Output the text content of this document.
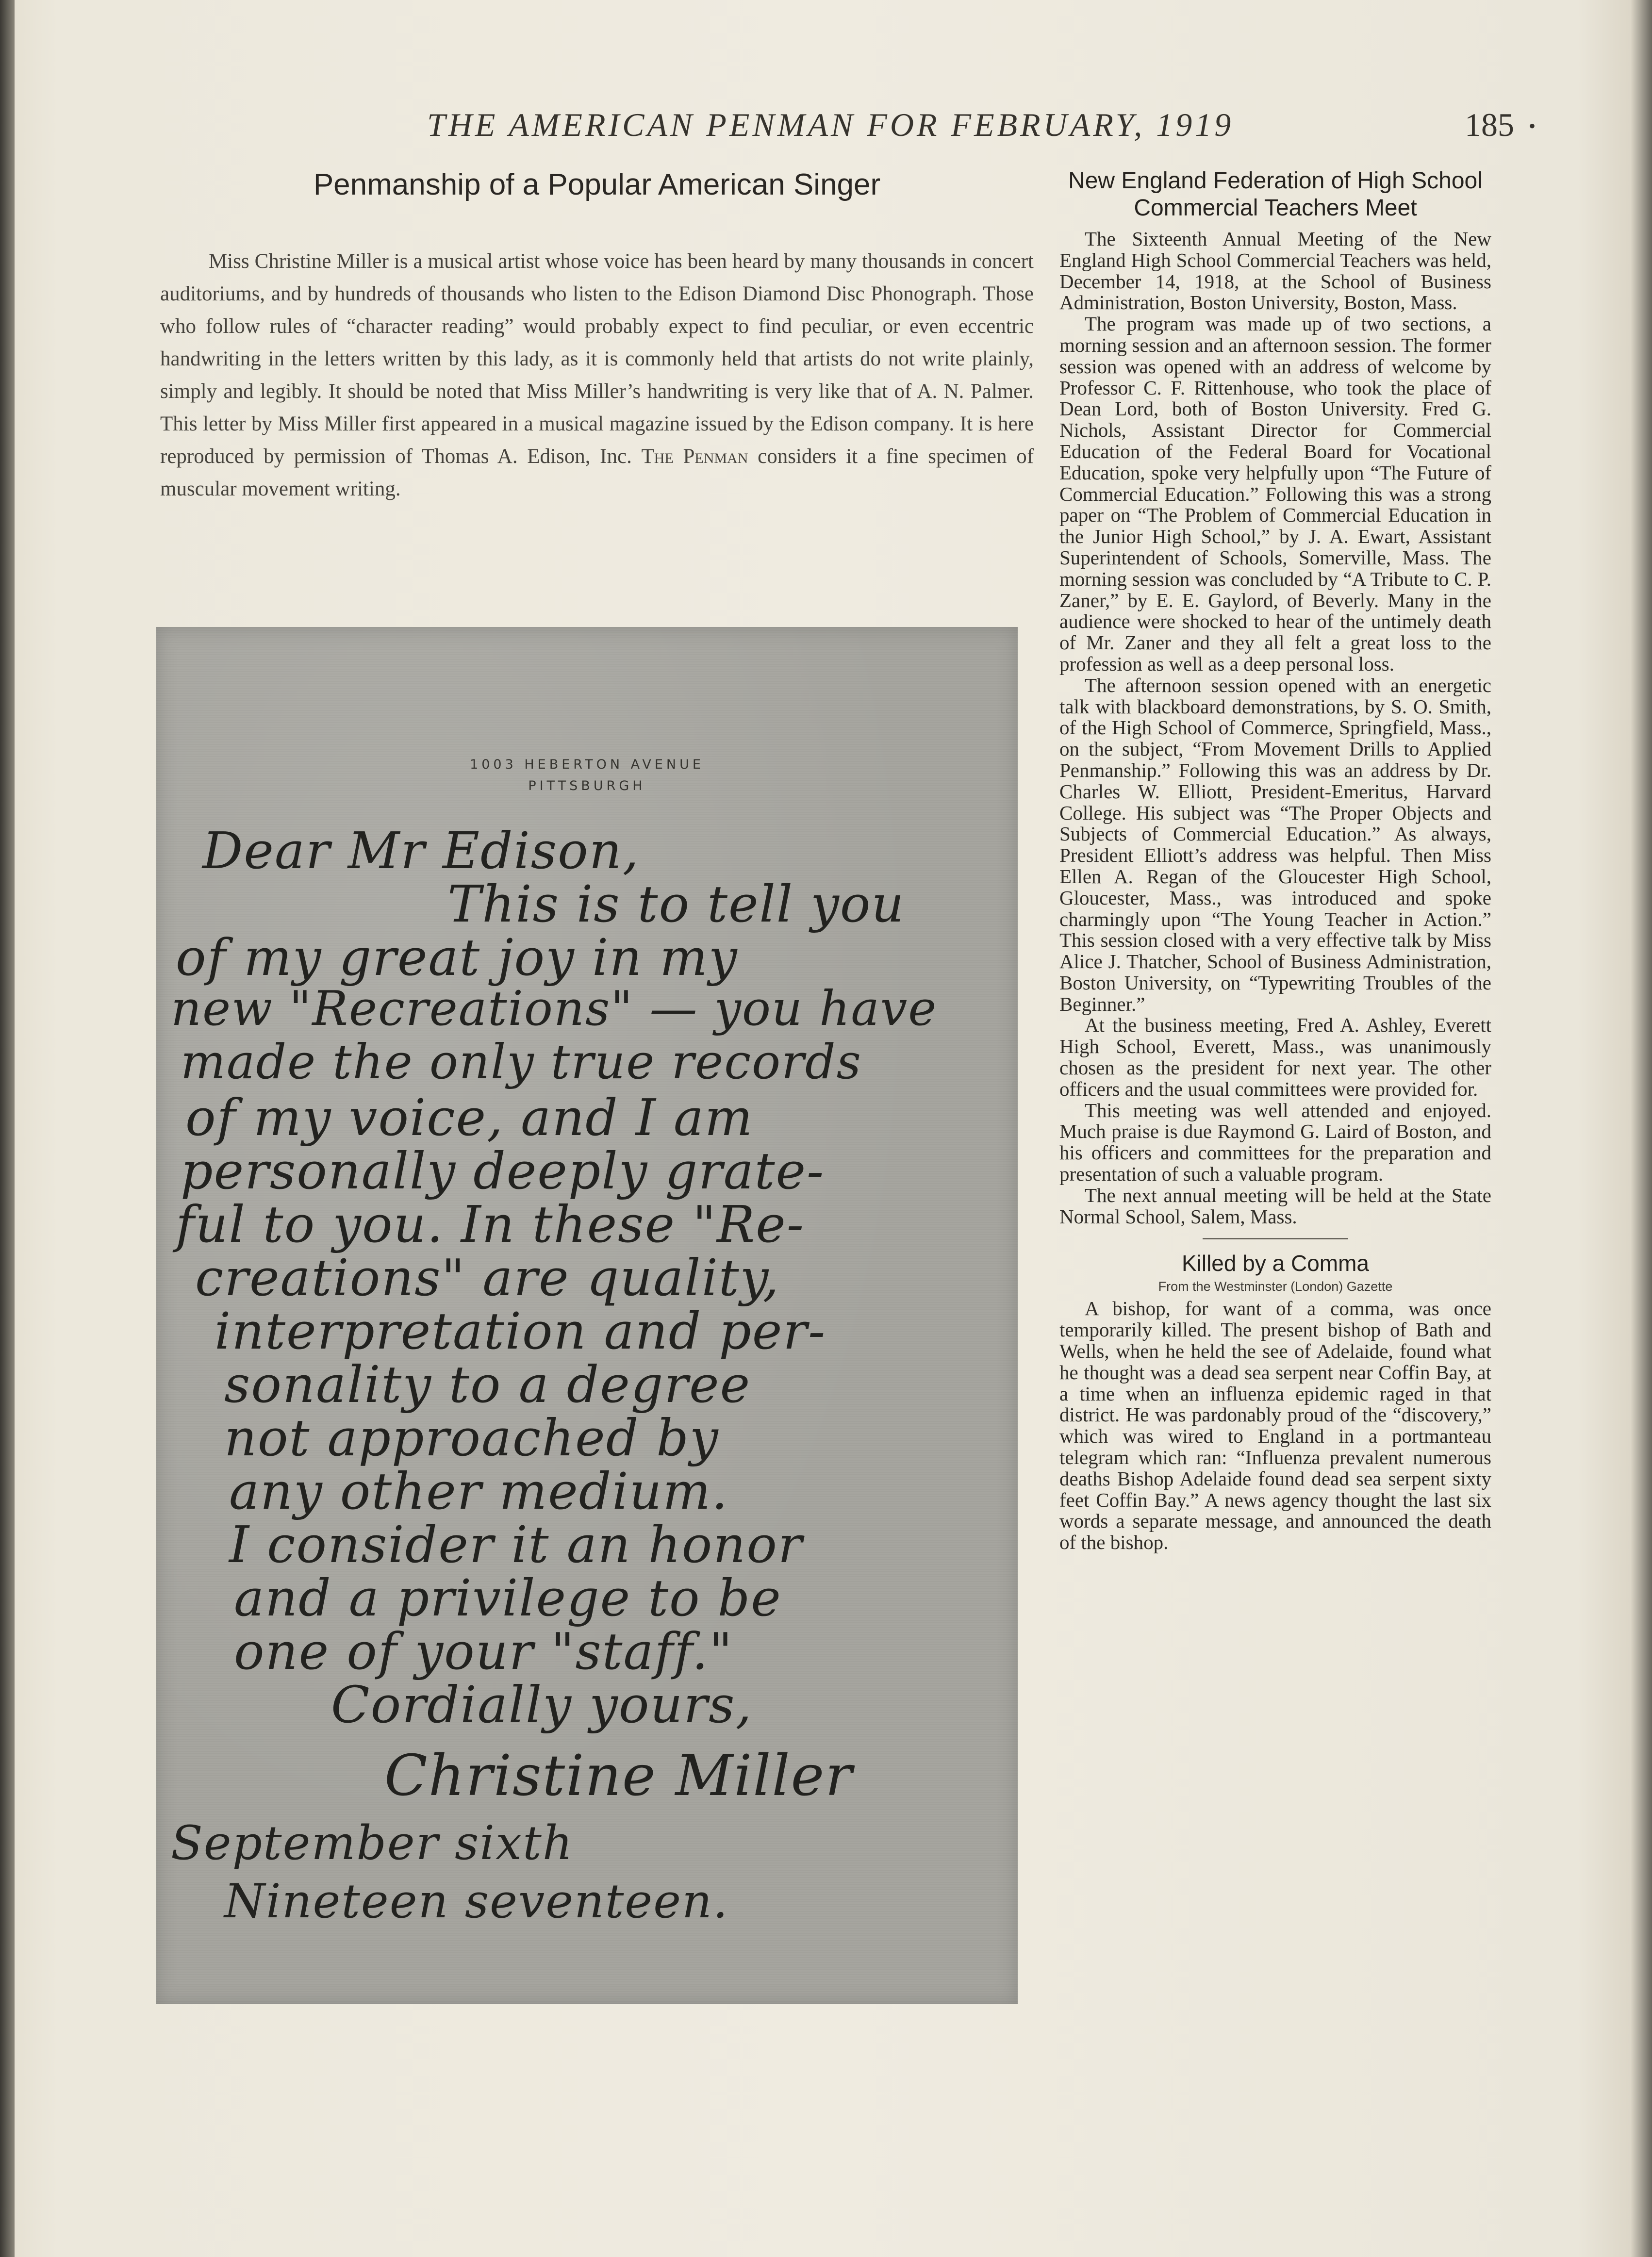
THE AMERICAN PENMAN FOR FEBRUARY, 1919	185 •
Penmanship of a Popular American Singer

Miss Christine Miller is a musical artist whose voice has been heard by many thousands in concert auditoriums, and by hundreds of thousands who listen to the Edison Diamond Disc Phonograph. Those who follow rules of “character reading” would probably expect to find peculiar, or even eccentric handwriting in the letters written by this lady, as it is commonly held that artists do not write plainly, simply and legibly. It should be noted that Miss Miller’s handwriting is very like that of A. N. Palmer. This letter by Miss Miller first appeared in a musical magazine issued by the Edison company. It is here reproduced by permission of Thomas A. Edison, Inc. The Penman considers it a fine specimen of muscular movement writing.

1003 HEBERTON AVENUE
PITTSBURGH
Dear Mr Edison,
This is to tell you
of my great joy in my
new "Recreations" — you have
made the only true records
of my voice, and I am
personally deeply grate-
ful to you. In these "Re-
creations" are quality,
interpretation and per-
sonality to a degree
not approached by
any other medium.
I consider it an honor
and a privilege to be
one of your "staff."
Cordially yours,
Christine Miller
September sixth
Nineteen seventeen.
New England Federation of High School Commercial Teachers Meet

The Sixteenth Annual Meeting of the New England High School Commercial Teachers was held, December 14, 1918, at the School of Business Administration, Boston University, Boston, Mass.

The program was made up of two sections, a morning session and an afternoon session. The former session was opened with an address of welcome by Professor C. F. Rittenhouse, who took the place of Dean Lord, both of Boston University. Fred G. Nichols, Assistant Director for Commercial Education of the Federal Board for Vocational Education, spoke very helpfully upon “The Future of Commercial Education.” Following this was a strong paper on “The Problem of Commercial Education in the Junior High School,” by J. A. Ewart, Assistant Superintendent of Schools, Somerville, Mass. The morning session was concluded by “A Tribute to C. P. Zaner,” by E. E. Gaylord, of Beverly. Many in the audience were shocked to hear of the untimely death of Mr. Zaner and they all felt a great loss to the profession as well as a deep personal loss.

The afternoon session opened with an energetic talk with blackboard demonstrations, by S. O. Smith, of the High School of Commerce, Springfield, Mass., on the subject, “From Movement Drills to Applied Penmanship.” Following this was an address by Dr. Charles W. Elliott, President-Emeritus, Harvard College. His subject was “The Proper Objects and Subjects of Commercial Education.” As always, President Elliott’s address was helpful. Then Miss Ellen A. Regan of the Gloucester High School, Gloucester, Mass., was introduced and spoke charmingly upon “The Young Teacher in Action.” This session closed with a very effective talk by Miss Alice J. Thatcher, School of Business Administration, Boston University, on “Typewriting Troubles of the Beginner.”

At the business meeting, Fred A. Ashley, Everett High School, Everett, Mass., was unanimously chosen as the president for next year. The other officers and the usual committees were provided for.

This meeting was well attended and enjoyed. Much praise is due Raymond G. Laird of Boston, and his officers and committees for the preparation and presentation of such a valuable program.

The next annual meeting will be held at the State Normal School, Salem, Mass.

Killed by a Comma
From the Westminster (London) Gazette

A bishop, for want of a comma, was once temporarily killed. The present bishop of Bath and Wells, when he held the see of Adelaide, found what he thought was a dead sea serpent near Coffin Bay, at a time when an influenza epidemic raged in that district. He was pardonably proud of the “discovery,” which was wired to England in a portmanteau telegram which ran: “Influenza prevalent numerous deaths Bishop Adelaide found dead sea serpent sixty feet Coffin Bay.” A news agency thought the last six words a separate message, and announced the death of the bishop.
